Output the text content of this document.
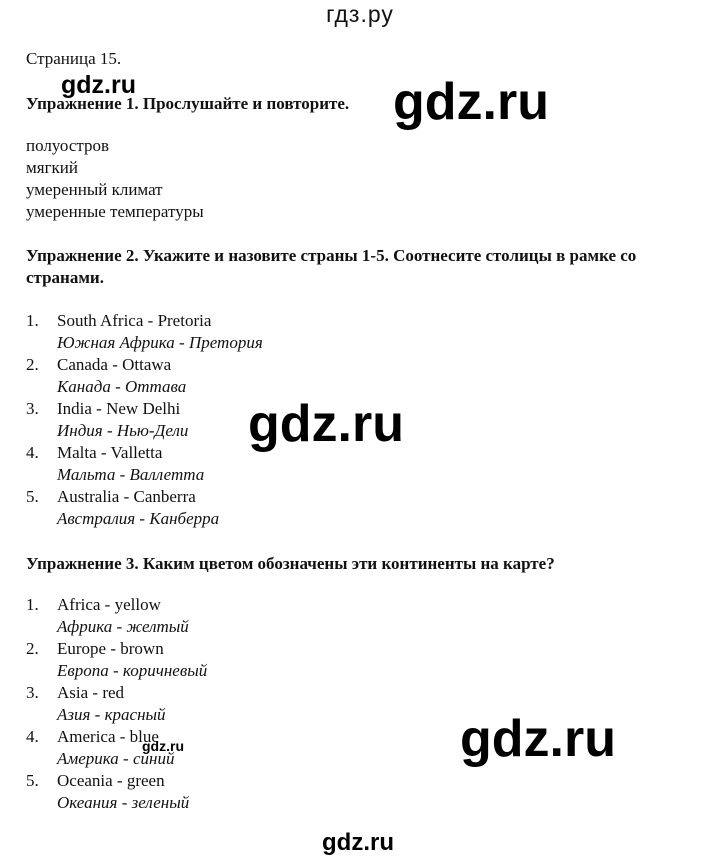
гдз.ру
Страница 15.
Упражнение 1. Прослушайте и повторите.
полуостров
мягкий
умеренный климат
умеренные температуры
Упражнение 2. Укажите и назовите страны 1-5. Соотнесите столицы в рамке со странами.
1.	South Africa - Pretoria
Южная Африка - Претория
2.	Canada - Ottawa
Канада - Оттава
3.	India - New Delhi
Индия - Нью-Дели
4.	Malta - Valletta
Мальта - Валлетта
5.	Australia - Canberra
Австралия - Канберра
Упражнение 3. Каким цветом обозначены эти континенты на карте?
1.	Africa - yellow
Африка - желтый
2.	Europe - brown
Европа - коричневый
3.	Asia - red
Азия - красный
4.	America - blue
Америка - синий
5.	Oceania - green
Океания - зеленый
gdz.ru	gdz.ru
gdz.ru
gdz.ru
gdz.ru
gdz.ru
